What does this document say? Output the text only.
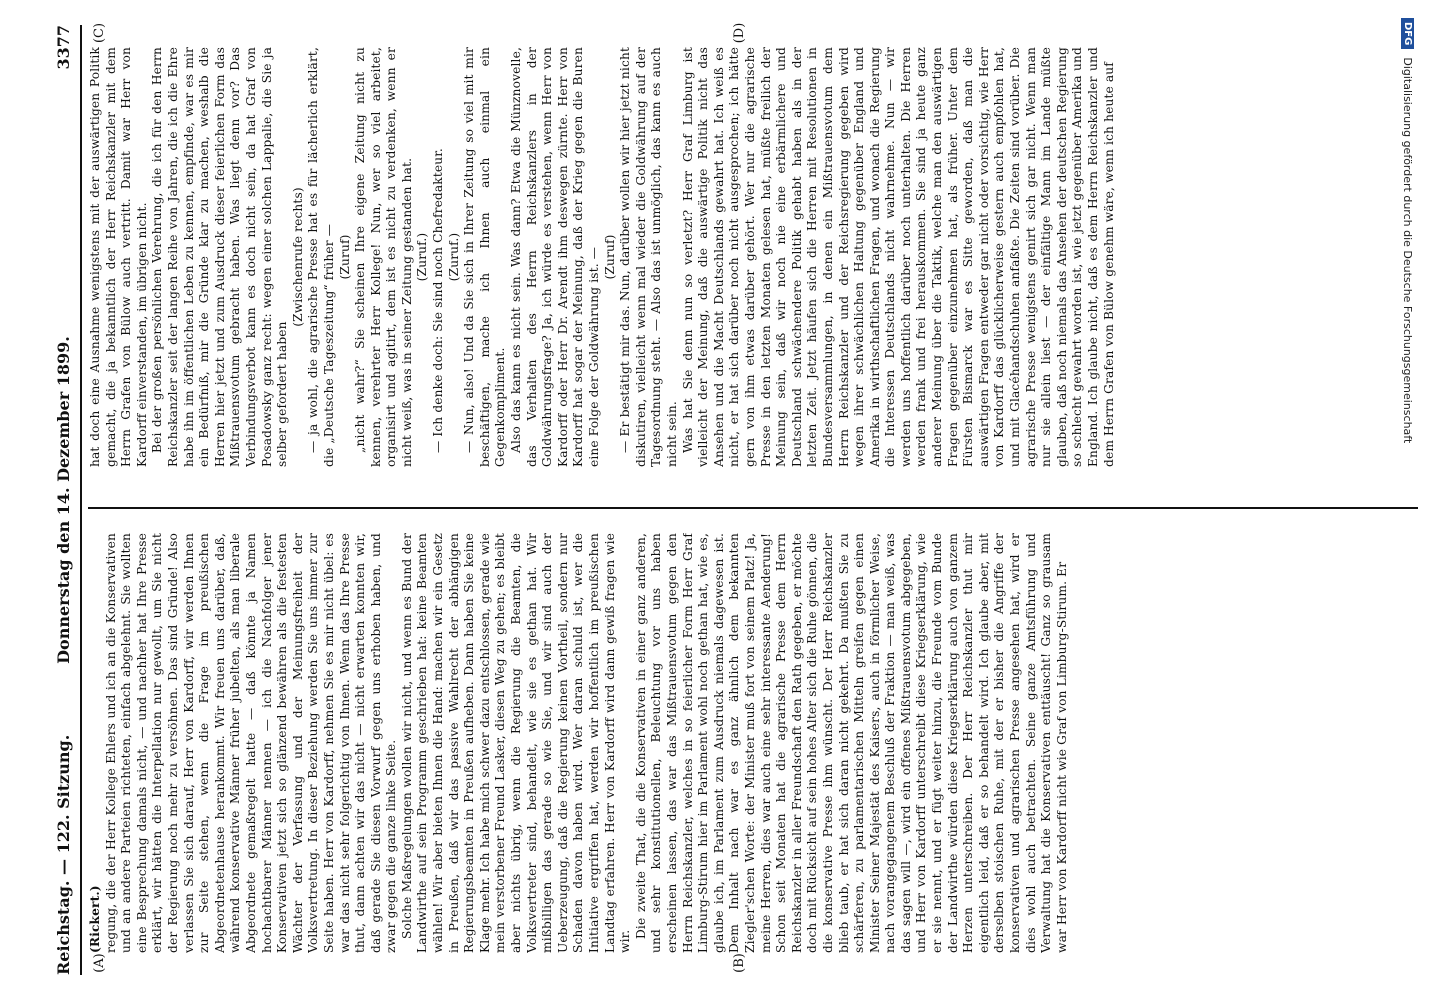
Reichstag. — 122. Sitzung.
Donnerstag den 14. Dezember 1899.
3377
(A)	(B)
(C)	(D)

(Rickert.) regung, die der Herr Kollege Ehlers und ich an die Konservativen und an andere Parteien richteten, einfach abgelehnt. Sie wollten eine Besprechung damals nicht, — und nachher hat Ihre Presse erklärt, wir hätten die Interpellation nur gewollt, um Sie nicht der Regierung noch mehr zu versöhnen. Das sind Gründe! Also verlassen Sie sich darauf, Herr von Kardorff, wir werden Ihnen zur Seite stehen, wenn die Frage im preußischen Abgeordnetenhause herankommt. Wir freuen uns darüber, daß, während konservative Männer früher jubelten, als man liberale Abgeordnete gemaßregelt hatte — daß könnte ja Namen hochachtbarer Männer nennen — ich die Nachfolger jener Konservativen jetzt sich so glänzend bewähren als die festesten Wächter der Verfassung und der Meinungsfreiheit der Volksvertretung. In dieser Beziehung werden Sie uns immer zur Seite haben. Herr von Kardorff, nehmen Sie es mir nicht übel: es war das nicht sehr folgerichtig von Ihnen. Wenn das Ihre Presse thut, dann achten wir das nicht — nicht erwarten konnten wir, daß gerade Sie diesen Vorwurf gegen uns erhoben haben, und zwar gegen die ganze linke Seite. Solche Maßregelungen wollen wir nicht, und wenn es Bund der Landwirthe auf sein Programm geschrieben hat: keine Beamten wählen! Wir aber bieten Ihnen die Hand: machen wir ein Gesetz in Preußen, daß wir das passive Wahlrecht der abhängigen Regierungsbeamten in Preußen aufheben. Dann haben Sie keine Klage mehr. Ich habe mich schwer dazu entschlossen, gerade wie mein verstorbener Freund Lasker, diesen Weg zu gehen; es bleibt aber nichts übrig, wenn die Regierung die Beamten, die Volksvertreter sind, behandelt, wie sie es gethan hat. Wir mißbilligen das gerade so wie Sie, und wir sind auch der Ueberzeugung, daß die Regierung keinen Vortheil, sondern nur Schaden davon haben wird. Wer daran schuld ist, wer die Initiative ergriffen hat, werden wir hoffentlich im preußischen Landtag erfahren. Herr von Kardorff wird dann gewiß fragen wie wir.

Die zweite That, die die Konservativen in einer ganz anderen, und sehr konstitutionellen, Beleuchtung vor uns haben erscheinen lassen, das war das Mißtrauensvotum gegen den Herrn Reichskanzler, welches in so feierlicher Form Herr Graf Limburg-Stirum hier im Parlament wohl noch gethan hat, wie es, glaube ich, im Parlament zum Ausdruck niemals dagewesen ist. Dem Inhalt nach war es ganz ähnlich dem bekannten Ziegler'schen Worte: der Minister muß fort von seinem Platz! Ja, meine Herren, dies war auch eine sehr interessante Aenderung! Schon seit Monaten hat die agrarische Presse dem Herrn Reichskanzler in aller Freundschaft den Rath gegeben, er möchte doch mit Rücksicht auf sein hohes Alter sich die Ruhe gönnen, die die konservative Presse ihm wünscht. Der Herr Reichskanzler blieb taub, er hat sich daran nicht gekehrt. Da mußten Sie zu schärferen, zu parlamentarischen Mitteln greifen gegen einen Minister Seiner Majestät des Kaisers, auch in förmlicher Weise, nach vorangegangenem Beschluß der Fraktion — man weiß, was das sagen will —, wird ein offenes Mißtrauensvotum abgegeben, und Herr von Kardorff unterschreibt diese Kriegserklärung, wie er sie nennt, und er fügt weiter hinzu, die Freunde vom Bunde der Landwirthe würden diese Kriegserklärung auch von ganzem Herzen unterschreiben. Der Herr Reichskanzler thut mir eigentlich leid, daß er so behandelt wird. Ich glaube aber, mit derselben stoischen Ruhe, mit der er bisher die Angriffe der konservativen und agrarischen Presse angesehen hat, wird er dies wohl auch betrachten. Seine ganze Amtsführung und Verwaltung hat die Konservativen enttäuscht! Ganz so grausam war Herr von Kardorff nicht wie Graf von Limburg-Stirum. Er

hat doch eine Ausnahme wenigstens mit der auswärtigen Politik gemacht, die ja bekanntlich der Herr Reichskanzler mit dem Herrn Grafen von Bülow auch vertritt. Damit war Herr von Kardorff einverstanden, im übrigen nicht. Bei der großen persönlichen Verehrung, die ich für den Herrn Reichskanzler seit der langen Reihe von Jahren, die ich die Ehre habe ihn im öffentlichen Leben zu kennen, empfinde, war es mir ein Bedürfniß, mir die Gründe klar zu machen, weshalb die Herren hier jetzt und zum Ausdruck dieser feierlichen Form das Mißtrauensvotum gebracht haben. Was liegt denn vor? Das Verbindungsverbot kann es doch nicht sein, da hat Graf von Posadowsky ganz recht: wegen einer solchen Lappalie, die Sie ja selber gefordert haben

(Zwischenrufe rechts) — ja wohl, die agrarische Presse hat es für lächerlich erklärt, die „Deutsche Tageszeitung“ früher — (Zuruf) „nicht wahr?“ Sie scheinen Ihre eigene Zeitung nicht zu kennen, verehrter Herr Kollege! Nun, wer so viel arbeitet, organisirt und agitirt, dem ist es nicht zu verdenken, wenn er nicht weiß, was in seiner Zeitung gestanden hat. (Zuruf.) — Ich denke doch: Sie sind noch Chefredakteur. (Zuruf.) — Nun, also! Und da Sie sich in Ihrer Zeitung so viel mit mir beschäftigen, mache ich Ihnen auch einmal ein Gegenkompliment. Also das kann es nicht sein. Was dann? Etwa die Münznovelle, das Verhalten des Herrn Reichskanzlers in der Goldwährungsfrage? Ja, ich würde es verstehen, wenn Herr von Kardorff oder Herr Dr. Arendt ihm deswegen zürnte. Herr von Kardorff hat sogar der Meinung, daß der Krieg gegen die Buren eine Folge der Goldwährung ist. — (Zuruf) — Er bestätigt mir das. Nun, darüber wollen wir hier jetzt nicht diskutiren, vielleicht wenn mal wieder die Goldwährung auf der Tagesordnung steht. — Also das ist unmöglich, das kann es auch nicht sein. Was hat Sie denn nun so verletzt? Herr Graf Limburg ist vielleicht der Meinung, daß die auswärtige Politik nicht das Ansehen und die Macht Deutschlands gewahrt hat. Ich weiß es nicht, er hat sich darüber noch nicht ausgesprochen; ich hätte gern von ihm etwas darüber gehört. Wer nur die agrarische Presse in den letzten Monaten gelesen hat, müßte freilich der Meinung sein, daß wir noch nie eine erbärmlichere und Deutschland schwächendere Politik gehabt haben als in der letzten Zeit. Jetzt häufen sich die Herren mit Resolutionen in Bundesversammlungen, in denen ein Mißtrauensvotum dem Herrn Reichskanzler und der Reichsregierung gegeben wird wegen ihrer schwächlichen Haltung gegenüber England und Amerika in wirthschaftlichen Fragen, und wonach die Regierung die Interessen Deutschlands nicht wahrnehme. Nun — wir werden uns hoffentlich darüber noch unterhalten. Die Herren werden frank und frei herauskommen. Sie sind ja heute ganz anderer Meinung über die Taktik, welche man den auswärtigen Fragen gegenüber einzunehmen hat, als früher. Unter dem Fürsten Bismarck war es Sitte geworden, daß man die auswärtigen Fragen entweder gar nicht oder vorsichtig, wie Herr von Kardorff das glücklicherweise gestern auch empfohlen hat, und mit Glacéhandschuhen anfaßte. Die Zeiten sind vorüber. Die agrarische Presse wenigstens genirt sich gar nicht. Wenn man nur sie allein liest — der einfältige Mann im Lande müßte glauben, daß noch niemals das Ansehen der deutschen Regierung so schlecht gewahrt worden ist, wie jetzt gegenüber Amerika und England. Ich glaube nicht, daß es dem Herrn Reichskanzler und dem Herrn Grafen von Bülow genehm wäre, wenn ich heute auf

DFG
Digitalisierung gefördert durch die Deutsche Forschungsgemeinschaft
